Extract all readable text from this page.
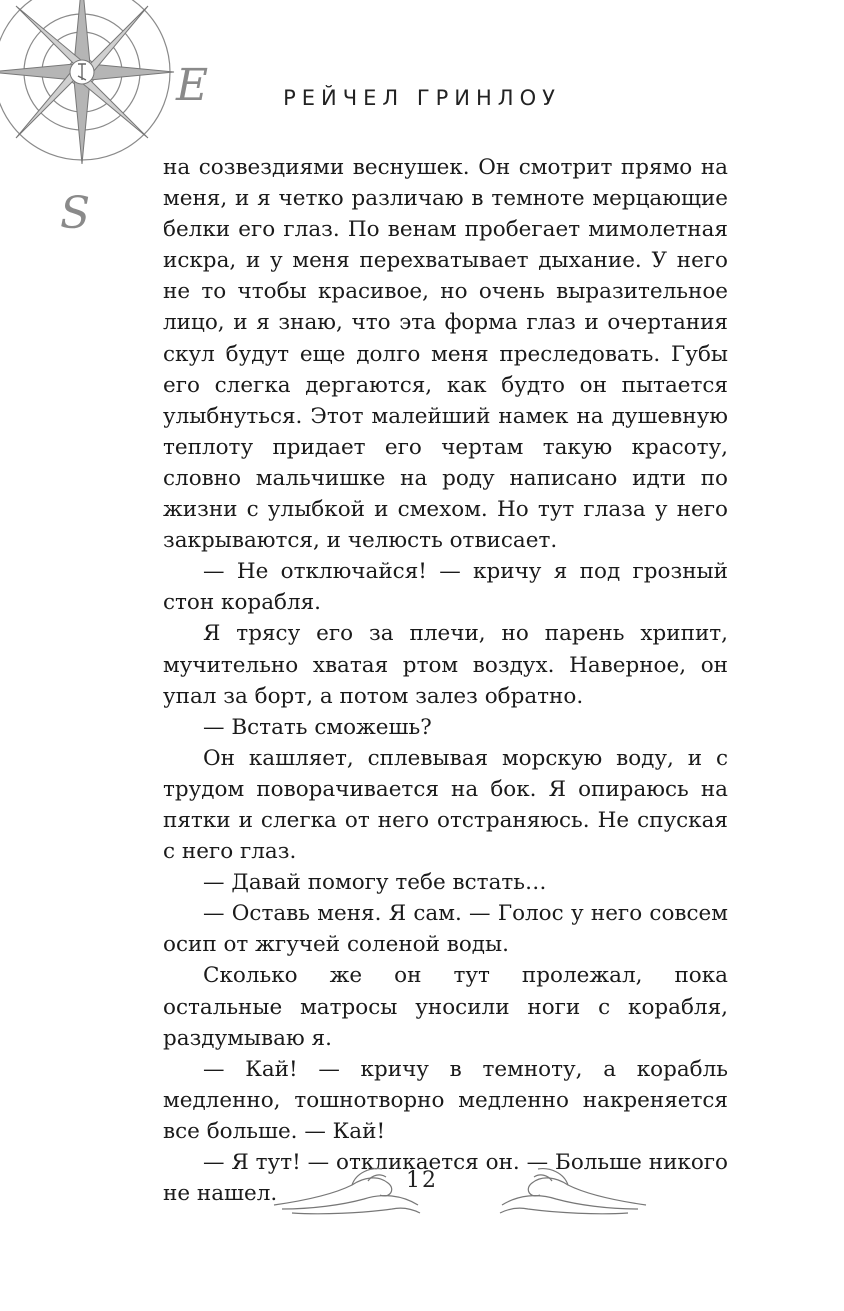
E
S
РЕЙЧЕЛ ГРИНЛОУ

на созвездиями веснушек. Он смотрит прямо на меня, и я четко различаю в темноте мерцающие белки его глаз. По венам пробегает мимолетная искра, и у меня перехватывает дыхание. У него не то чтобы красивое, но очень выразительное лицо, и я знаю, что эта форма глаз и очертания скул будут еще долго меня преследовать. Губы его слегка дергаются, как будто он пытается улыбнуться. Этот малейший намек на душевную теплоту придает его чертам такую красоту, словно мальчишке на роду написано идти по жизни с улыбкой и смехом. Но тут глаза у него закрываются, и челюсть отвисает.

— Не отключайся! — кричу я под грозный стон корабля.

Я трясу его за плечи, но парень хрипит, мучительно хватая ртом воздух. Наверное, он упал за борт, а потом залез обратно.

— Встать сможешь?

Он кашляет, сплевывая морскую воду, и с трудом поворачивается на бок. Я опираюсь на пятки и слегка от него отстраняюсь. Не спуская с него глаз.

— Давай помогу тебе встать…

— Оставь меня. Я сам. — Голос у него совсем осип от жгучей соленой воды.

Сколько же он тут пролежал, пока остальные матросы уносили ноги с корабля, раздумываю я.

— Кай! — кричу в темноту, а корабль медленно, тошнотворно медленно накреняется все больше. — Кай!

— Я тут! — откликается он. — Больше никого не нашел.

12
